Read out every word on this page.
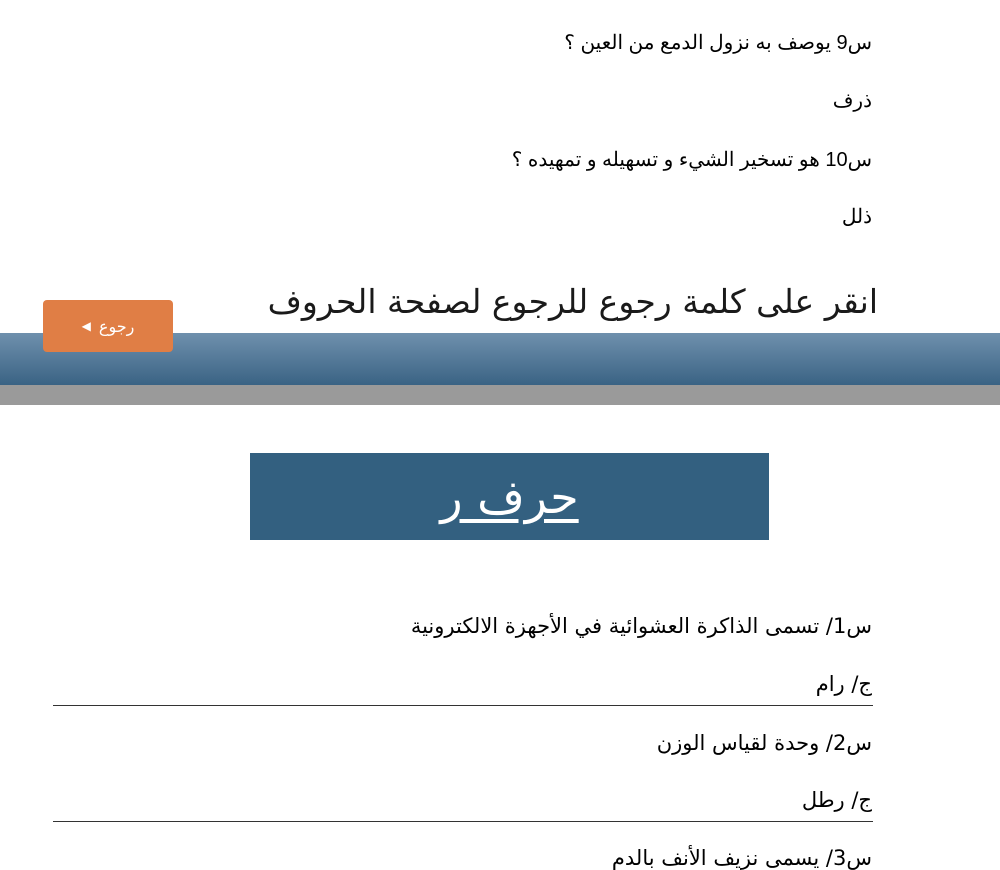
س9 يوصف به نزول الدمع من العين ؟
ذرف
س10 هو تسخير الشيء و تسهيله و تمهيده ؟
ذلل
انقر على كلمة رجوع للرجوع لصفحة الحروف
◀ رجوع
حرف ر
س1/ تسمى الذاكرة العشوائية في الأجهزة الالكترونية
ج/ رام
س2/ وحدة لقياس الوزن
ج/ رطل
س3/ يسمى نزيف الأنف بالدم
